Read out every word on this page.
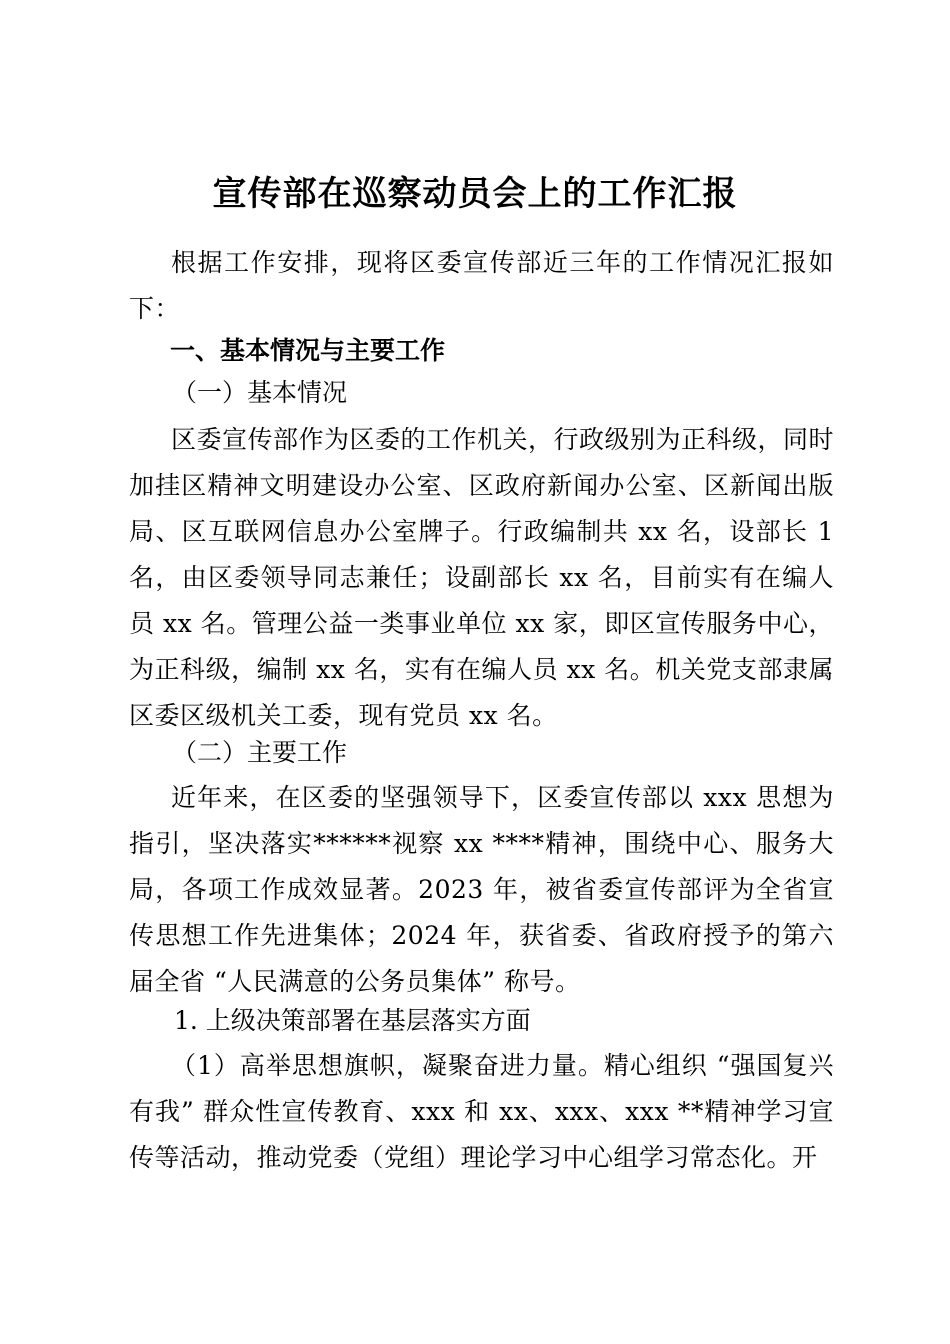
宣传部在巡察动员会上的工作汇报

根据工作安排，现将区委宣传部近三年的工作情况汇报如下：

一、基本情况与主要工作

（一）基本情况

区委宣传部作为区委的工作机关，行政级别为正科级，同时加挂区精神文明建设办公室、区政府新闻办公室、区新闻出版局、区互联网信息办公室牌子。行政编制共 xx 名，设部长 1 名，由区委领导同志兼任；设副部长 xx 名，目前实有在编人员 xx 名。管理公益一类事业单位 xx 家，即区宣传服务中心，为正科级，编制 xx 名，实有在编人员 xx 名。机关党支部隶属区委区级机关工委，现有党员 xx 名。

（二）主要工作

近年来，在区委的坚强领导下，区委宣传部以 xxx 思想为指引，坚决落实******视察 xx ****精神，围绕中心、服务大局，各项工作成效显著。2023 年，被省委宣传部评为全省宣传思想工作先进集体；2024 年，获省委、省政府授予的第六届全省 “人民满意的公务员集体” 称号。

1. 上级决策部署在基层落实方面

（1）高举思想旗帜，凝聚奋进力量。精心组织 “强国复兴有我” 群众性宣传教育、xxx 和 xx、xxx、xxx **精神学习宣传等活动，推动党委（党组）理论学习中心组学习常态化。开
